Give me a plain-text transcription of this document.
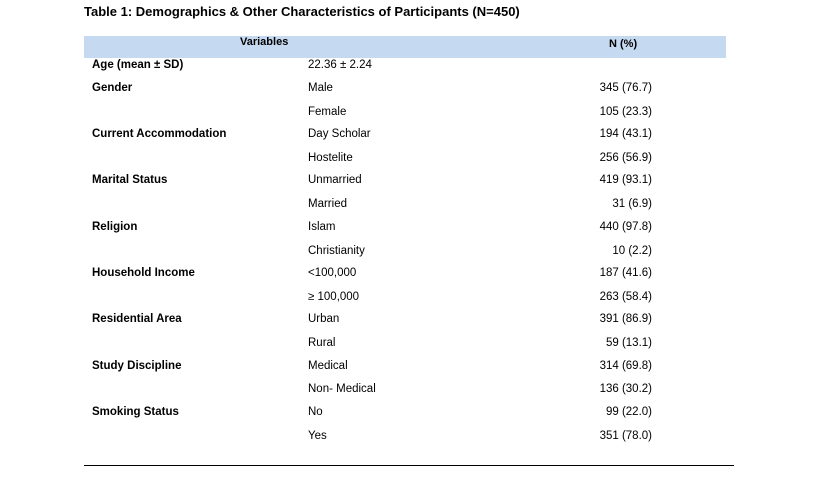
Table 1: Demographics & Other Characteristics of Participants (N=450)
Variables	N (%)
Age (mean ± SD)	22.36 ± 2.24
Gender	Male	345 (76.7)
Female	105 (23.3)
Current Accommodation	Day Scholar	194 (43.1)
Hostelite	256 (56.9)
Marital Status	Unmarried	419 (93.1)
Married	31 (6.9)
Religion	Islam	440 (97.8)
Christianity	10 (2.2)
Household Income	<100,000	187 (41.6)
≥ 100,000	263 (58.4)
Residential Area	Urban	391 (86.9)
Rural	59 (13.1)
Study Discipline	Medical	314 (69.8)
Non- Medical	136 (30.2)
Smoking Status	No	99 (22.0)
Yes	351 (78.0)
